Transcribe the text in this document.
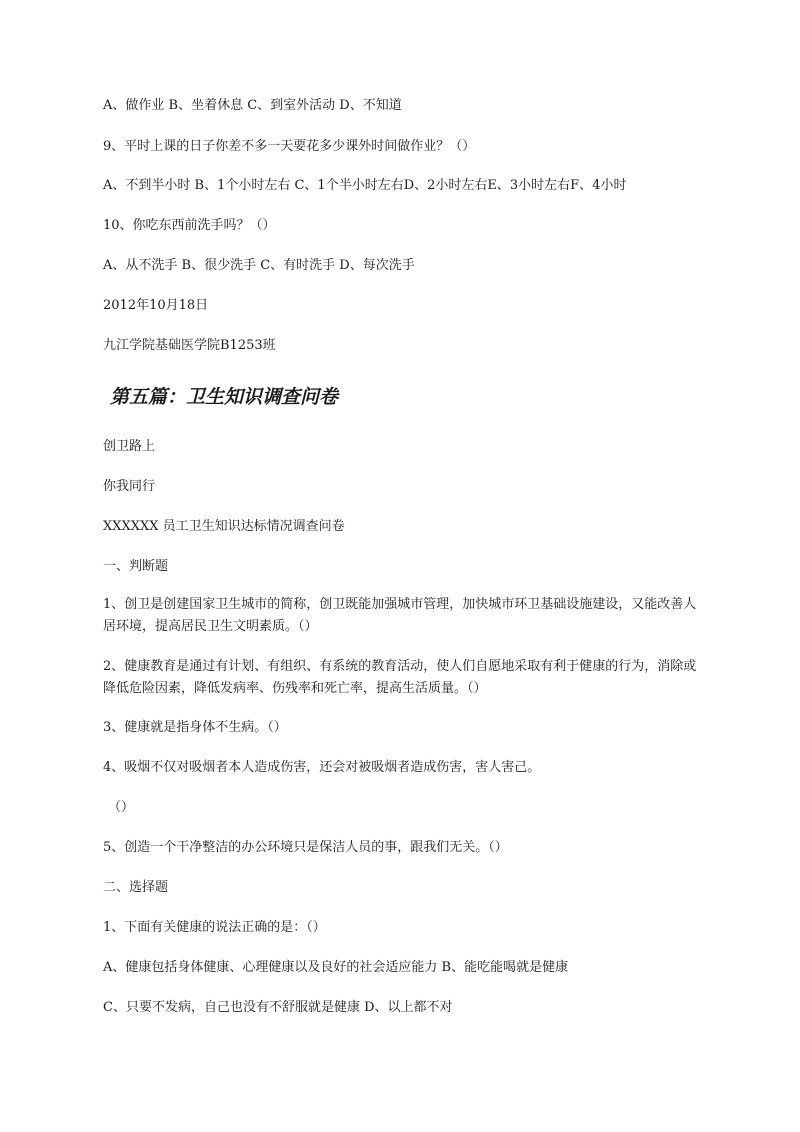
A、做作业 B、坐着休息 C、到室外活动 D、不知道
9、平时上课的日子你差不多一天要花多少课外时间做作业？（）
A、不到半小时 B、1个小时左右 C、1个半小时左右D、2小时左右E、3小时左右F、4小时
10、你吃东西前洗手吗？（）
A、从不洗手 B、很少洗手 C、有时洗手 D、每次洗手
2012年10月18日
九江学院基础医学院B1253班
第五篇：卫生知识调查问卷
创卫路上
你我同行
XXXXXX 员工卫生知识达标情况调查问卷
一、判断题
1、创卫是创建国家卫生城市的简称，创卫既能加强城市管理，加快城市环卫基础设施建设，又能改善人居环境，提高居民卫生文明素质。（）
2、健康教育是通过有计划、有组织、有系统的教育活动，使人们自愿地采取有利于健康的行为，消除或降低危险因素，降低发病率、伤残率和死亡率，提高生活质量。（）
3、健康就是指身体不生病。（）
4、吸烟不仅对吸烟者本人造成伤害，还会对被吸烟者造成伤害，害人害己。
（）
5、创造一个干净整洁的办公环境只是保洁人员的事，跟我们无关。（）
二、选择题
1、下面有关健康的说法正确的是：（）
A、健康包括身体健康、心理健康以及良好的社会适应能力 B、能吃能喝就是健康
C、只要不发病，自己也没有不舒服就是健康 D、以上都不对
